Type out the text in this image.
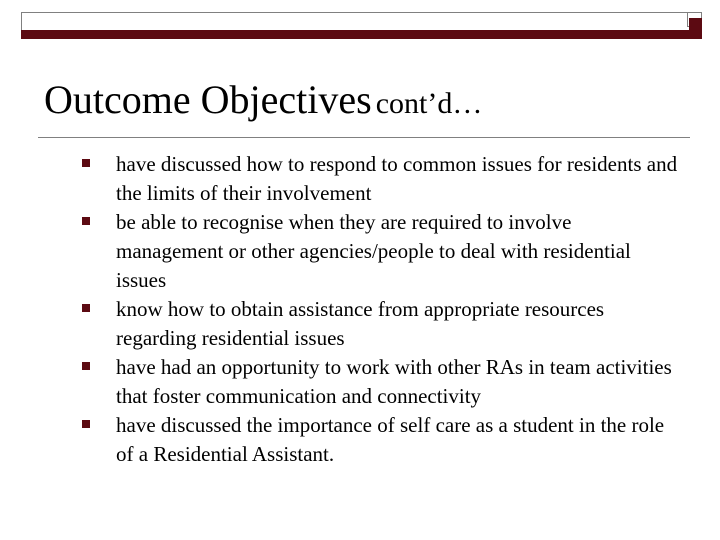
Outcome Objectives cont’d…
have discussed how to respond to common issues for residents and the limits of their involvement
be able to recognise when they are required to involve management or other agencies/people to deal with residential issues
know how to obtain assistance from appropriate resources regarding residential issues
have had an opportunity to work with other RAs in team activities that foster communication and connectivity
have discussed the importance of self care as a student in the role of a Residential Assistant.
